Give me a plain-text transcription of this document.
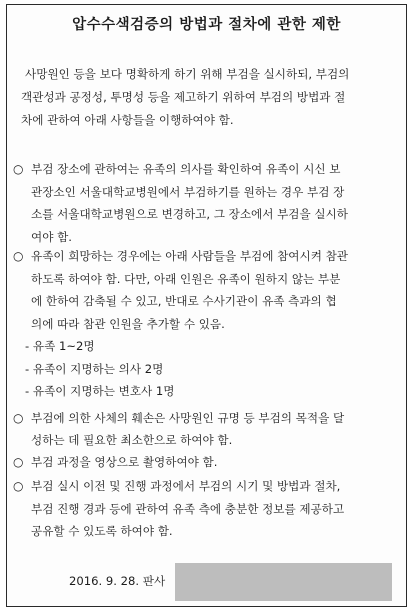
압수수색검증의 방법과 절차에 관한 제한
사망원인 등을 보다 명확하게 하기 위해 부검을 실시하되, 부검의
객관성과 공정성, 투명성 등을 제고하기 위하여 부검의 방법과 절
차에 관하여 아래 사항들을 이행하여야 함.
○ 부검 장소에 관하여는 유족의 의사를 확인하여 유족이 시신 보
관장소인 서울대학교병원에서 부검하기를 원하는 경우 부검 장
소를 서울대학교병원으로 변경하고, 그 장소에서 부검을 실시하
여야 함.
○ 유족이 희망하는 경우에는 아래 사람들을 부검에 참여시켜 참관
하도록 하여야 함. 다만, 아래 인원은 유족이 원하지 않는 부분
에 한하여 감축될 수 있고, 반대로 수사기관이 유족 측과의 협
의에 따라 참관 인원을 추가할 수 있음.
- 유족 1~2명
- 유족이 지명하는 의사 2명
- 유족이 지명하는 변호사 1명
○ 부검에 의한 사체의 훼손은 사망원인 규명 등 부검의 목적을 달
성하는 데 필요한 최소한으로 하여야 함.
○ 부검 과정을 영상으로 촬영하여야 함.
○ 부검 실시 이전 및 진행 과정에서 부검의 시기 및 방법과 절차,
부검 진행 경과 등에 관하여 유족 측에 충분한 정보를 제공하고
공유할 수 있도록 하여야 함.
2016. 9. 28. 판사
